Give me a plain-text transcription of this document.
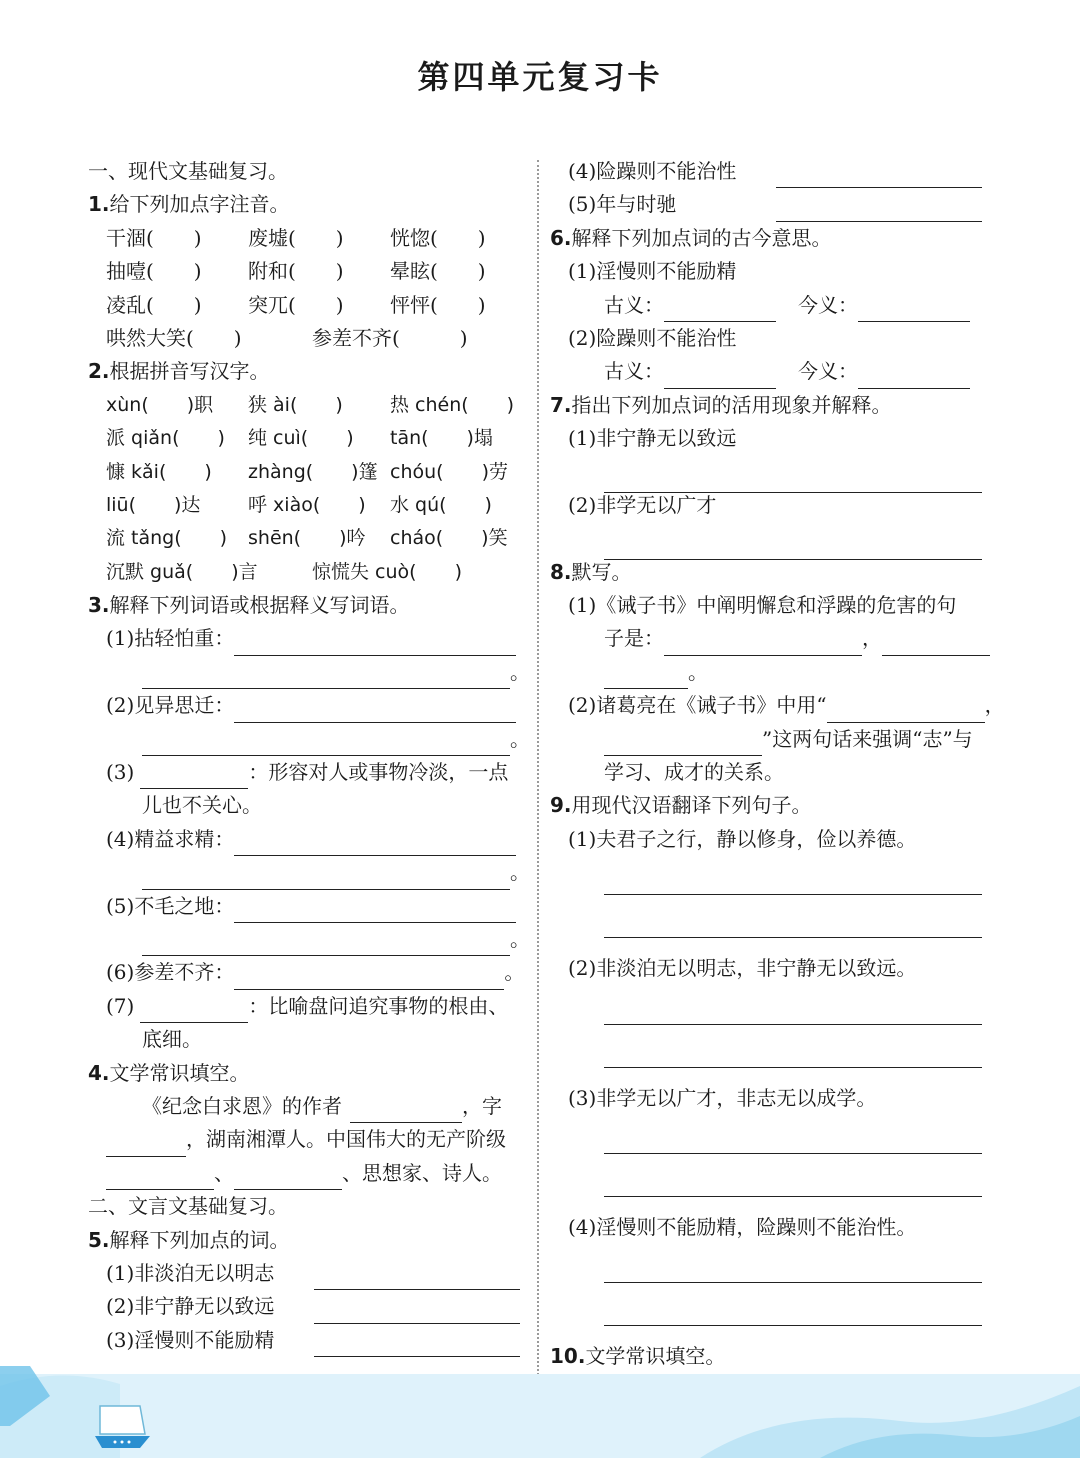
第四单元复习卡
一、现代文基础复习。
1.给下列加点字注音。
干涸(　　) 废墟(　　) 恍惚(　　)
抽噎(　　) 附和(　　) 晕眩(　　)
凌乱(　　) 突兀(　　) 怦怦(　　)
哄然大笑(　　)	参差不齐(　　　)
2.根据拼音写汉字。
xùn(　　)职 狭 ài(　　) 热 chén(　　)
派 qiǎn(　　) 纯 cuì(　　) tān(　　)塌
慷 kǎi(　　) zhàng(　　)篷 chóu(　　)劳
liū(　　)达	呼 xiào(　　) 水 qú(　　)
流 tǎng(　　) shēn(　　)吟 cháo(　　)笑
沉默 guǎ(　　)言	惊慌失 cuò(　　)
3.解释下列词语或根据释义写词语。
(1)拈轻怕重：
。
(2)见异思迁：
。
(3)	：形容对人或事物冷淡，一点
儿也不关心。
(4)精益求精：
。
(5)不毛之地：
。
(6)参差不齐：	。
(7)	：比喻盘问追究事物的根由、
底细。
4.文学常识填空。
《纪念白求恩》的作者	，字
，湖南湘潭人。中国伟大的无产阶级
、	、思想家、诗人。
二、文言文基础复习。
5.解释下列加点的词。
(1)非淡泊无以明志
(2)非宁静无以致远
(3)淫慢则不能励精
(4)险躁则不能治性
(5)年与时驰
6.解释下列加点词的古今意思。
(1)淫慢则不能励精
古义：	今义：
(2)险躁则不能治性
古义：	今义：
7.指出下列加点词的活用现象并解释。
(1)非宁静无以致远
(2)非学无以广才
8.默写。
(1)《诫子书》中阐明懈怠和浮躁的危害的句
子是：	，
。
(2)诸葛亮在《诫子书》中用“	，
”这两句话来强调“志”与
学习、成才的关系。
9.用现代汉语翻译下列句子。
(1)夫君子之行，静以修身，俭以养德。
(2)非淡泊无以明志，非宁静无以致远。
(3)非学无以广才，非志无以成学。
(4)淫慢则不能励精，险躁则不能治性。
10.文学常识填空。
